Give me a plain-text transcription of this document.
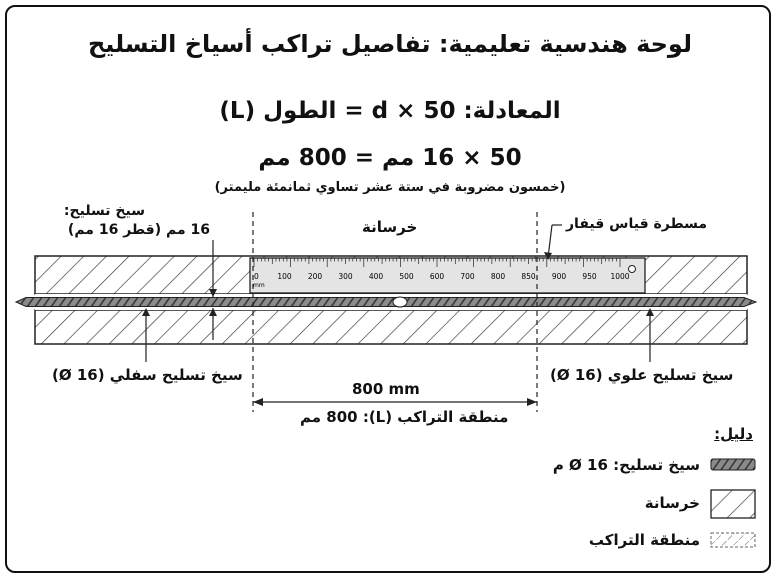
لوحة هندسية تعليمية: تفاصيل تراكب أسياخ التسليح
المعادلة: 50 × d = الطول (L)
50 × 16 مم = 800 مم
(خمسون مضروبة في ستة عشر تساوي ثمانمئة مليمتر)
0 100 200 300 400 500 600 700 800 850 900 950 1000
mm
سيخ تسليح:
16 مم (قطر 16 مم)	خرسانة	مسطرة قياس قيفار
سيخ تسليح سفلي (16 Ø)	سيخ تسليح علوي (16 Ø)
800 mm
منطقة التراكب (L): 800 مم
دليل:
سيخ تسليح: 16 Ø م
خرسانة
منطقة التراكب
